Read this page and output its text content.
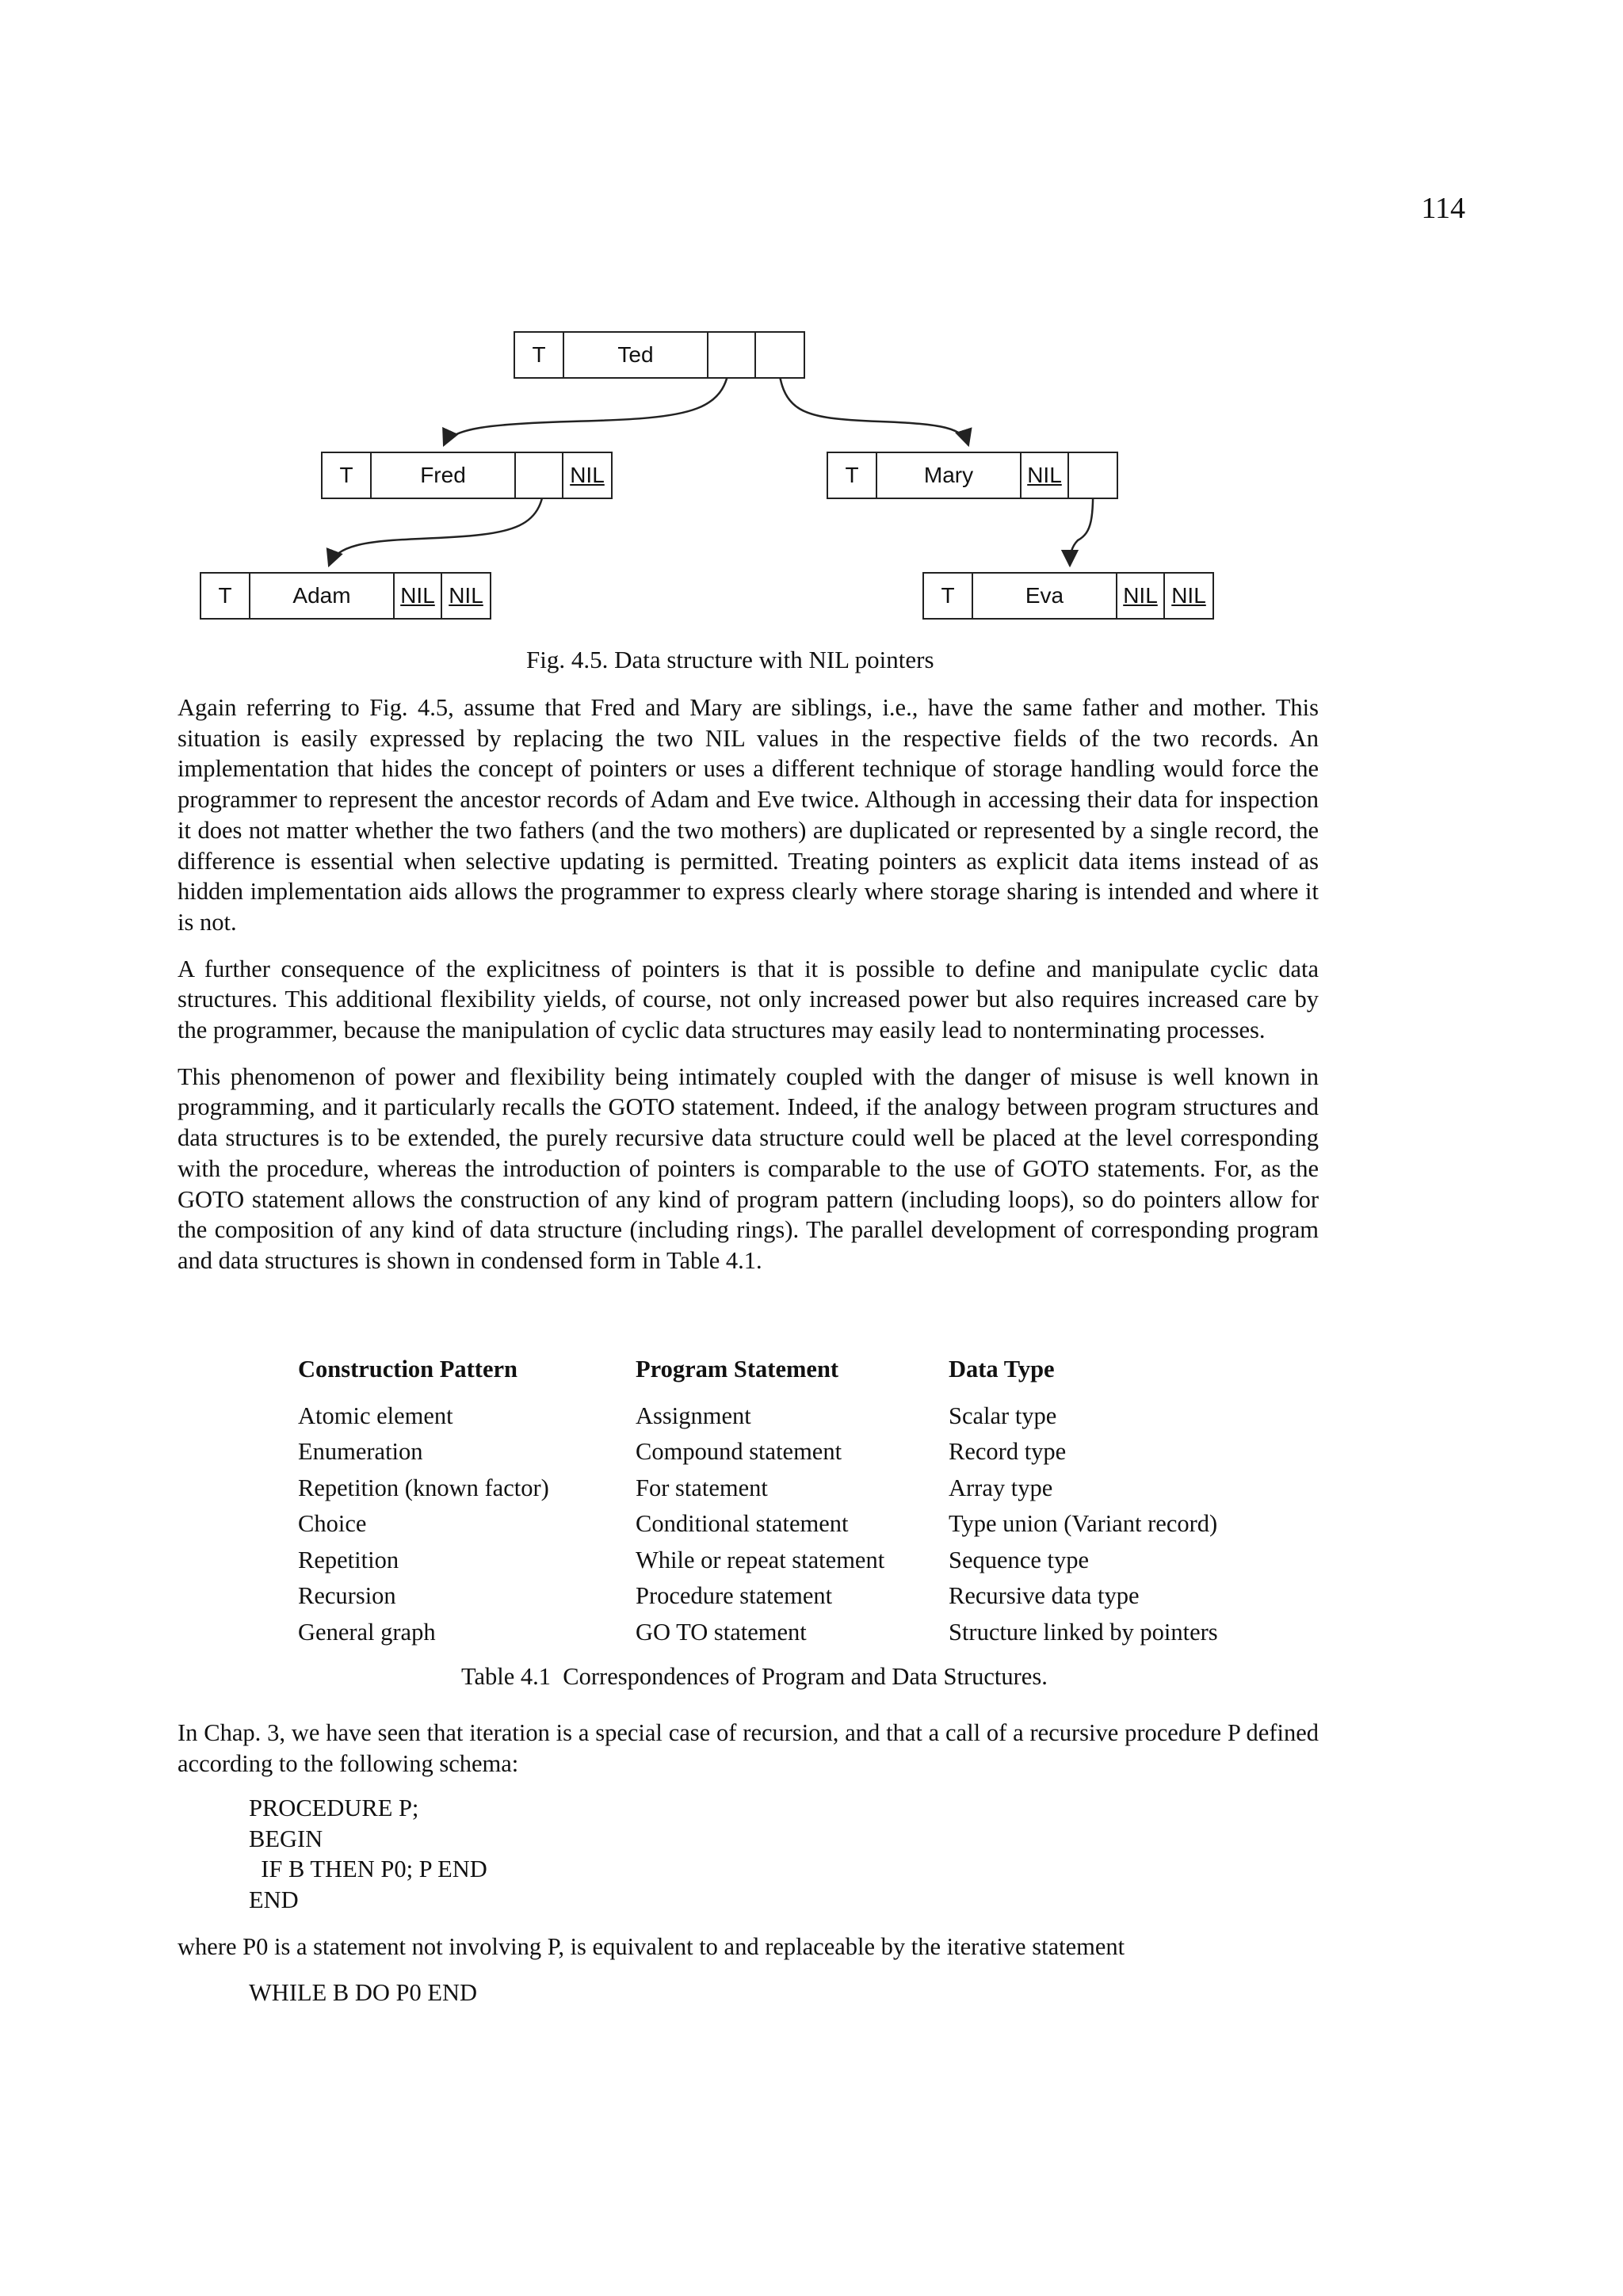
114
T	Ted
T	Fred	NIL	T	Mary	NIL
T	Adam	NIL NIL	T	Eva	NIL NIL
Fig. 4.5. Data structure with NIL pointers

Again referring to Fig. 4.5, assume that Fred and Mary are siblings, i.e., have the same father and mother. This situation is easily expressed by replacing the two NIL values in the respective fields of the two records. An implementation that hides the concept of pointers or uses a different technique of storage handling would force the programmer to represent the ancestor records of Adam and Eve twice. Although in accessing their data for inspection it does not matter whether the two fathers (and the two mothers) are duplicated or represented by a single record, the difference is essential when selective updating is permitted. Treating pointers as explicit data items instead of as hidden implementation aids allows the programmer to express clearly where storage sharing is intended and where it is not.

A further consequence of the explicitness of pointers is that it is possible to define and manipulate cyclic data structures. This additional flexibility yields, of course, not only increased power but also requires increased care by the programmer, because the manipulation of cyclic data structures may easily lead to nonterminating processes.

This phenomenon of power and flexibility being intimately coupled with the danger of misuse is well known in programming, and it particularly recalls the GOTO statement. Indeed, if the analogy between program structures and data structures is to be extended, the purely recursive data structure could well be placed at the level corresponding with the procedure, whereas the introduction of pointers is comparable to the use of GOTO statements. For, as the GOTO statement allows the construction of any kind of program pattern (including loops), so do pointers allow for the composition of any kind of data structure (including rings). The parallel development of corresponding program and data structures is shown in condensed form in Table 4.1.

Construction Pattern	Program Statement	Data Type
Atomic element	Assignment	Scalar type
Enumeration	Compound statement	Record type
Repetition (known factor)	For statement	Array type
Choice	Conditional statement	Type union (Variant record)
Repetition	While or repeat statement	Sequence type
Recursion	Procedure statement	Recursive data type
General graph	GO TO statement	Structure linked by pointers
Table 4.1  Correspondences of Program and Data Structures.

In Chap. 3, we have seen that iteration is a special case of recursion, and that a call of a recursive procedure P defined according to the following schema:

PROCEDURE P;
BEGIN
IF B THEN P0; P END
END

where P0 is a statement not involving P, is equivalent to and replaceable by the iterative statement

WHILE B DO P0 END
